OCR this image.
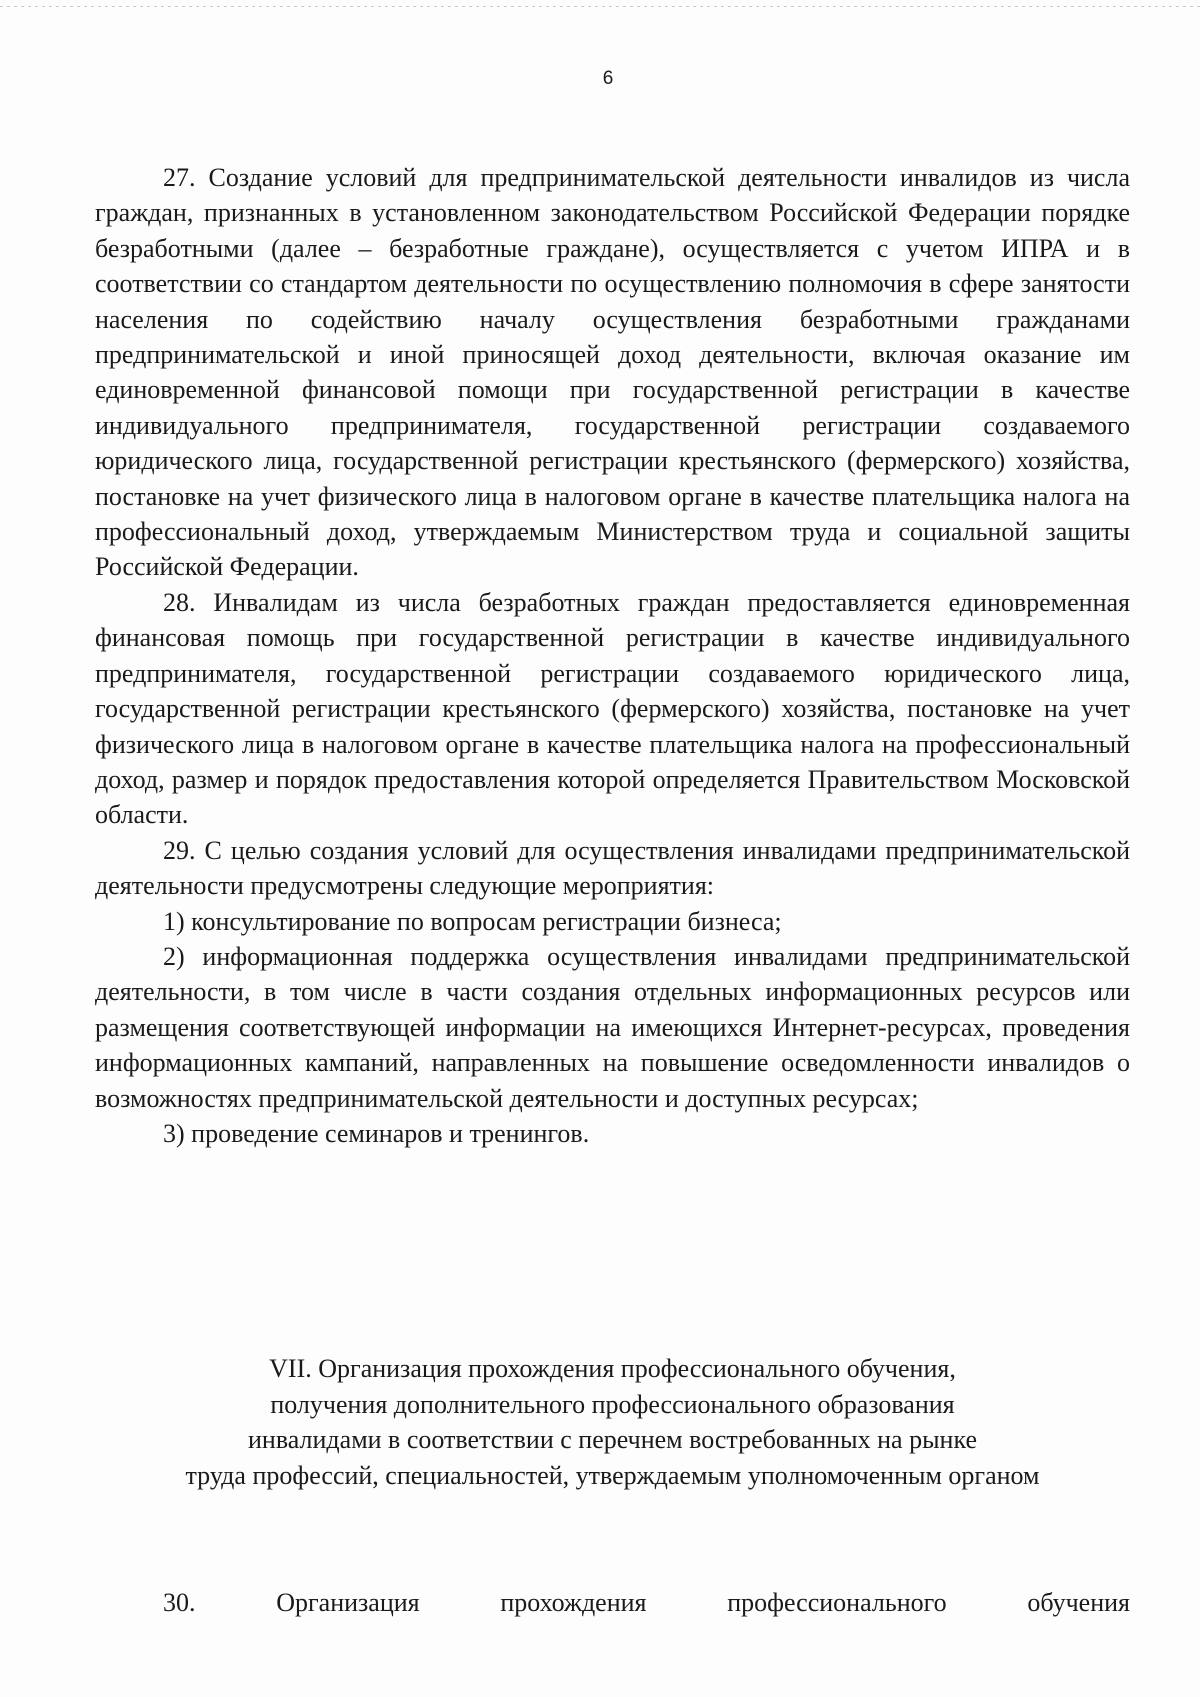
6

27. Создание условий для предпринимательской деятельности инвалидов из числа граждан, признанных в установленном законодательством Российской Федерации порядке безработными (далее – безработные граждане), осуществляется с учетом ИПРА и в соответствии со стандартом деятельности по осуществлению полномочия в сфере занятости населения по содействию началу осуществления безработными гражданами предпринимательской и иной приносящей доход деятельности, включая оказание им единовременной финансовой помощи при государственной регистрации в качестве индивидуального предпринимателя, государственной регистрации создаваемого юридического лица, государственной регистрации крестьянского (фермерского) хозяйства, постановке на учет физического лица в налоговом органе в качестве плательщика налога на профессиональный доход, утверждаемым Министерством труда и социальной защиты Российской Федерации.

28. Инвалидам из числа безработных граждан предоставляется единовременная финансовая помощь при государственной регистрации в качестве индивидуального предпринимателя, государственной регистрации создаваемого юридического лица, государственной регистрации крестьянского (фермерского) хозяйства, постановке на учет физического лица в налоговом органе в качестве плательщика налога на профессиональный доход, размер и порядок предоставления которой определяется Правительством Московской области.

29. С целью создания условий для осуществления инвалидами предпринимательской деятельности предусмотрены следующие мероприятия:

1) консультирование по вопросам регистрации бизнеса;

2) информационная поддержка осуществления инвалидами предпринимательской деятельности, в том числе в части создания отдельных информационных ресурсов или размещения соответствующей информации на имеющихся Интернет-ресурсах, проведения информационных кампаний, направленных на повышение осведомленности инвалидов о возможностях предпринимательской деятельности и доступных ресурсах;

3) проведение семинаров и тренингов.

VII. Организация прохождения профессионального обучения,
получения дополнительного профессионального образования
инвалидами в соответствии с перечнем востребованных на рынке
труда профессий, специальностей, утверждаемым уполномоченным органом

30. Организация прохождения профессионального обучения
